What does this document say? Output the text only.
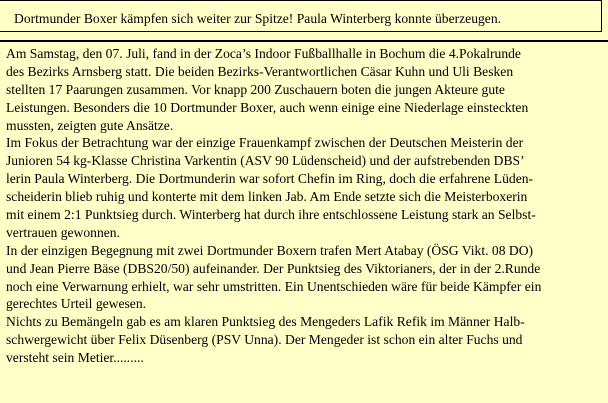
Dortmunder Boxer kämpfen sich weiter zur Spitze! Paula Winterberg konnte überzeugen.
Am Samstag, den 07. Juli, fand in der Zoca’s Indoor Fußballhalle in Bochum die 4.Pokalrunde
des Bezirks Arnsberg statt. Die beiden Bezirks-Verantwortlichen Cäsar Kuhn und Uli Besken
stellten 17 Paarungen zusammen. Vor knapp 200 Zuschauern boten die jungen Akteure gute
Leistungen. Besonders die 10 Dortmunder Boxer, auch wenn einige eine Niederlage einsteckten
mussten, zeigten gute Ansätze.
Im Fokus der Betrachtung war der einzige Frauenkampf zwischen der Deutschen Meisterin der
Junioren 54 kg-Klasse Christina Varkentin (ASV 90 Lüdenscheid) und der aufstrebenden DBS’
lerin Paula Winterberg. Die Dortmunderin war sofort Chefin im Ring, doch die erfahrene Lüden-
scheiderin blieb ruhig und konterte mit dem linken Jab. Am Ende setzte sich die Meisterboxerin
mit einem 2:1 Punktsieg durch. Winterberg hat durch ihre entschlossene Leistung stark an Selbst-
vertrauen gewonnen.
In der einzigen Begegnung mit zwei Dortmunder Boxern trafen Mert Atabay (ÖSG Vikt. 08 DO)
und Jean Pierre Bäse (DBS20/50) aufeinander. Der Punktsieg des Viktorianers, der in der 2.Runde
noch eine Verwarnung erhielt, war sehr umstritten. Ein Unentschieden wäre für beide Kämpfer ein
gerechtes Urteil gewesen.
Nichts zu Bemängeln gab es am klaren Punktsieg des Mengeders Lafik Refik im Männer Halb-
schwergewicht über Felix Düsenberg (PSV Unna). Der Mengeder ist schon ein alter Fuchs und
versteht sein Metier.........
